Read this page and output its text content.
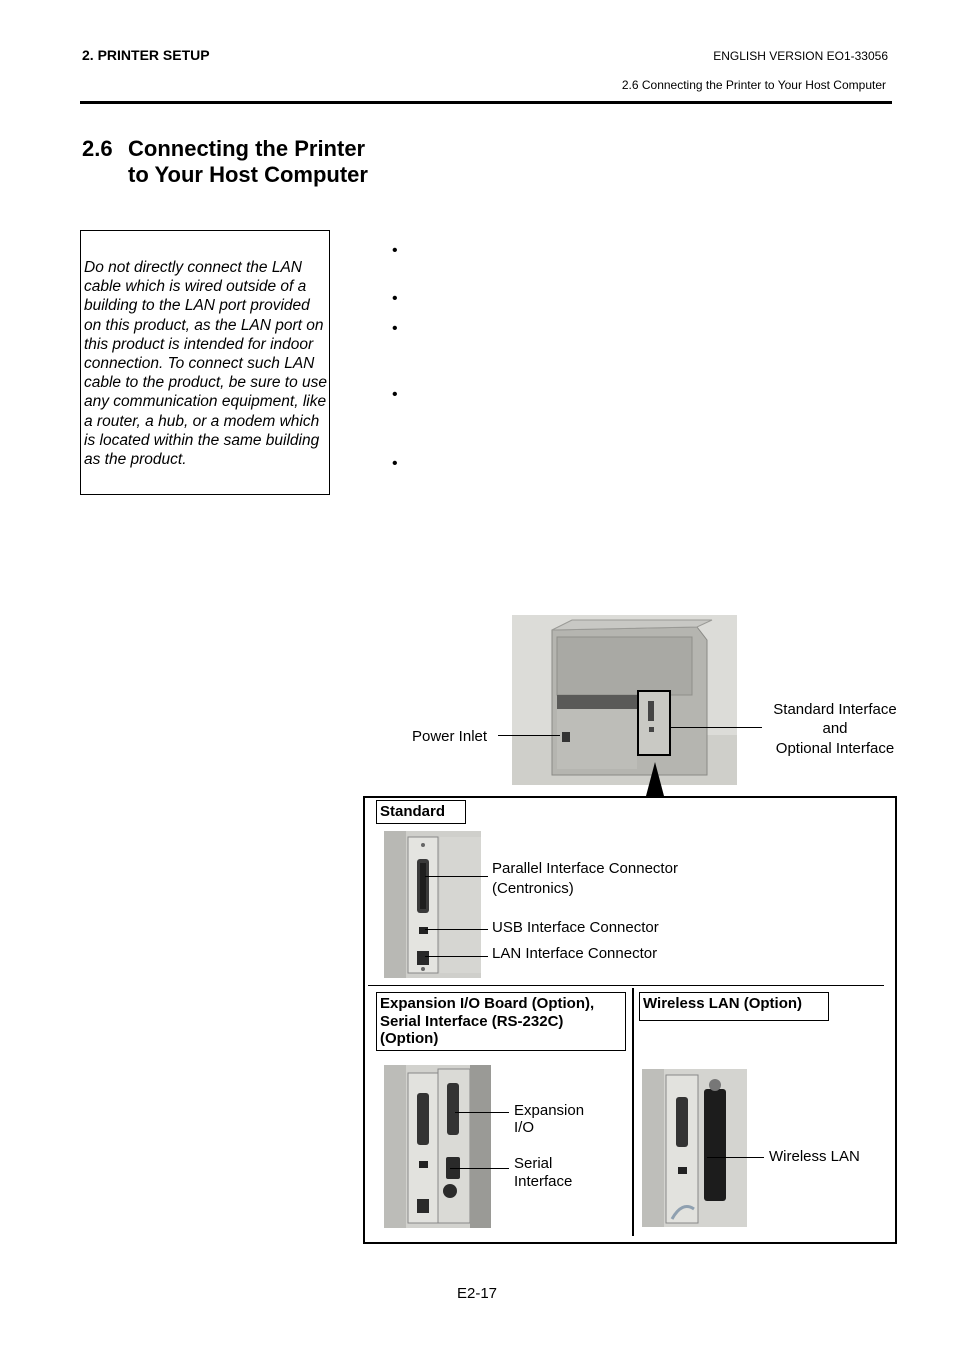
2. PRINTER SETUP	ENGLISH VERSION EO1-33056
2.6 Connecting the Printer to Your Host Computer
2.6 Connecting the Printer to Your Host Computer
Do not directly connect the LAN cable which is wired outside of a building to the LAN port provided on this product, as the LAN port on this product is intended for indoor connection. To connect such LAN cable to the product, be sure to use any communication equipment, like a router, a hub, or a modem which is located within the same building as the product.
•
•
•
•
•
Power Inlet
Standard Interface
and
Optional Interface
Standard
Parallel Interface Connector
(Centronics)
USB Interface Connector
LAN Interface Connector
Expansion I/O Board (Option),
Serial Interface (RS-232C)
(Option)
Expansion
I/O
Serial
Interface
Wireless LAN (Option)
Wireless LAN
E2-17
